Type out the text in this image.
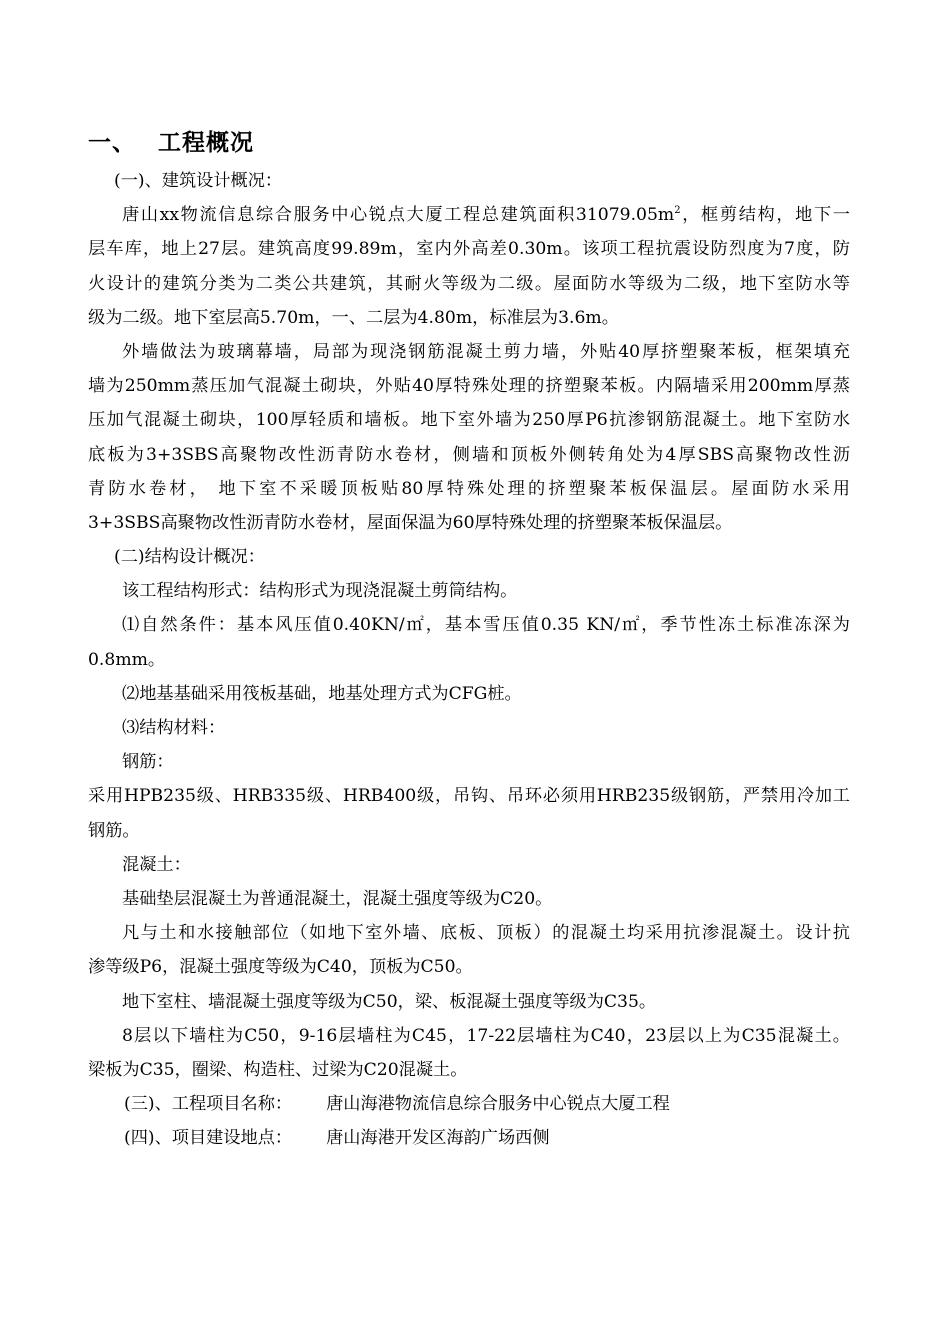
一、 工程概况
(一)、建筑设计概况：
唐山xx物流信息综合服务中心锐点大厦工程总建筑面积$31079.05m^2$，框剪结构，地下一
层车库，地上27层。建筑高度99.89m，室内外高差0.30m。该项工程抗震设防烈度为7度，防
火设计的建筑分类为二类公共建筑，其耐火等级为二级。屋面防水等级为二级，地下室防水等
级为二级。地下室层高5.70m，一、二层为4.80m，标准层为3.6m。
外墙做法为玻璃幕墙，局部为现浇钢筋混凝土剪力墙，外贴40厚挤塑聚苯板，框架填充
墙为250mm蒸压加气混凝土砌块，外贴40厚特殊处理的挤塑聚苯板。内隔墙采用200mm厚蒸
压加气混凝土砌块，100厚轻质和墙板。地下室外墙为250厚P6抗渗钢筋混凝土。地下室防水
底板为3+3SBS高聚物改性沥青防水卷材，侧墙和顶板外侧转角处为4厚SBS高聚物改性沥
青防水卷材， 地下室不采暖顶板贴80厚特殊处理的挤塑聚苯板保温层。屋面防水采用
3+3SBS高聚物改性沥青防水卷材，屋面保温为60厚特殊处理的挤塑聚苯板保温层。
(二)结构设计概况：
该工程结构形式：结构形式为现浇混凝土剪筒结构。
⑴自然条件：基本风压值0.40KN/㎡，基本雪压值0.35 KN/㎡，季节性冻土标准冻深为
0.8mm。
⑵地基基础采用筏板基础，地基处理方式为CFG桩。
⑶结构材料：
钢筋：
采用HPB235级、HRB335级、HRB400级，吊钩、吊环必须用HRB235级钢筋，严禁用冷加工
钢筋。
混凝土：
基础垫层混凝土为普通混凝土，混凝土强度等级为C20。
凡与土和水接触部位（如地下室外墙、底板、顶板）的混凝土均采用抗渗混凝土。设计抗
渗等级P6，混凝土强度等级为C40，顶板为C50。
地下室柱、墙混凝土强度等级为C50，梁、板混凝土强度等级为C35。
8层以下墙柱为C50，9-16层墙柱为C45，17-22层墙柱为C40，23层以上为C35混凝土。
梁板为C35，圈梁、构造柱、过梁为C20混凝土。
(三)、工程项目名称： 唐山海港物流信息综合服务中心锐点大厦工程
(四)、项目建设地点： 唐山海港开发区海韵广场西侧
